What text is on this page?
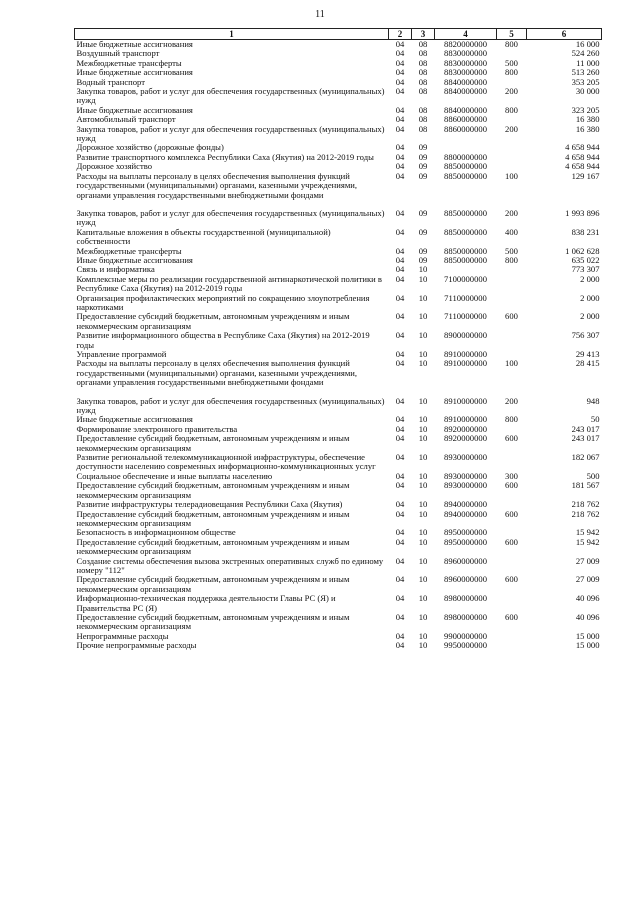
11
1	2	3	4	5	6
Иные бюджетные ассигнования	04	08	8820000000	800	16 000
Воздушный транспорт	04	08	8830000000		524 260
Межбюджетные трансферты	04	08	8830000000	500	11 000
Иные бюджетные ассигнования	04	08	8830000000	800	513 260
Водный транспорт	04	08	8840000000		353 205
Закупка товаров, работ и услуг для обеспечения государственных (муниципальных) нужд	04	08	8840000000	200	30 000
Иные бюджетные ассигнования	04	08	8840000000	800	323 205
Автомобильный транспорт	04	08	8860000000		16 380
Закупка товаров, работ и услуг для обеспечения государственных (муниципальных) нужд	04	08	8860000000	200	16 380
Дорожное хозяйство (дорожные фонды)	04	09			4 658 944
Развитие транспортного комплекса Республики Саха (Якутия) на 2012-2019 годы	04	09	8800000000		4 658 944
Дорожное хозяйство	04	09	8850000000		4 658 944
Расходы на выплаты персоналу в целях обеспечения выполнения функций государственными (муниципальными) органами, казенными учреждениями, органами управления государственными внебюджетными фондами	04	09	8850000000	100	129 167
Закупка товаров, работ и услуг для обеспечения государственных (муниципальных) нужд	04	09	8850000000	200	1 993 896
Капитальные вложения в объекты государственной (муниципальной) собственности	04	09	8850000000	400	838 231
Межбюджетные трансферты	04	09	8850000000	500	1 062 628
Иные бюджетные ассигнования	04	09	8850000000	800	635 022
Связь и информатика	04	10			773 307
Комплексные меры по реализации государственной антинаркотической политики в Республике Саха (Якутия) на 2012-2019 годы	04	10	7100000000		2 000
Организация профилактических мероприятий по сокращению злоупотребления наркотиками	04	10	7110000000		2 000
Предоставление субсидий бюджетным, автономным учреждениям и иным некоммерческим организациям	04	10	7110000000	600	2 000
Развитие информационного общества в Республике Саха (Якутия) на 2012-2019 годы	04	10	8900000000		756 307
Управление программой	04	10	8910000000		29 413
Расходы на выплаты персоналу в целях обеспечения выполнения функций государственными (муниципальными) органами, казенными учреждениями, органами управления государственными внебюджетными фондами	04	10	8910000000	100	28 415
Закупка товаров, работ и услуг для обеспечения государственных (муниципальных) нужд	04	10	8910000000	200	948
Иные бюджетные ассигнования	04	10	8910000000	800	50
Формирование электронного правительства	04	10	8920000000		243 017
Предоставление субсидий бюджетным, автономным учреждениям и иным некоммерческим организациям	04	10	8920000000	600	243 017
Развитие региональной телекоммуникационной инфраструктуры, обеспечение доступности населению современных информационно-коммуникационных услуг	04	10	8930000000		182 067
Социальное обеспечение и иные выплаты населению	04	10	8930000000	300	500
Предоставление субсидий бюджетным, автономным учреждениям и иным некоммерческим организациям	04	10	8930000000	600	181 567
Развитие инфраструктуры телерадиовещания Республики Саха (Якутия)	04	10	8940000000		218 762
Предоставление субсидий бюджетным, автономным учреждениям и иным некоммерческим организациям	04	10	8940000000	600	218 762
Безопасность в информационном обществе	04	10	8950000000		15 942
Предоставление субсидий бюджетным, автономным учреждениям и иным некоммерческим организациям	04	10	8950000000	600	15 942
Создание системы обеспечения вызова экстренных оперативных служб по единому номеру "112"	04	10	8960000000		27 009
Предоставление субсидий бюджетным, автономным учреждениям и иным некоммерческим организациям	04	10	8960000000	600	27 009
Информационно-техническая поддержка деятельности Главы РС (Я) и Правительства РС (Я)	04	10	8980000000		40 096
Предоставление субсидий бюджетным, автономным учреждениям и иным некоммерческим организациям	04	10	8980000000	600	40 096
Непрограммные расходы	04	10	9900000000		15 000
Прочие непрограммные расходы	04	10	9950000000		15 000
